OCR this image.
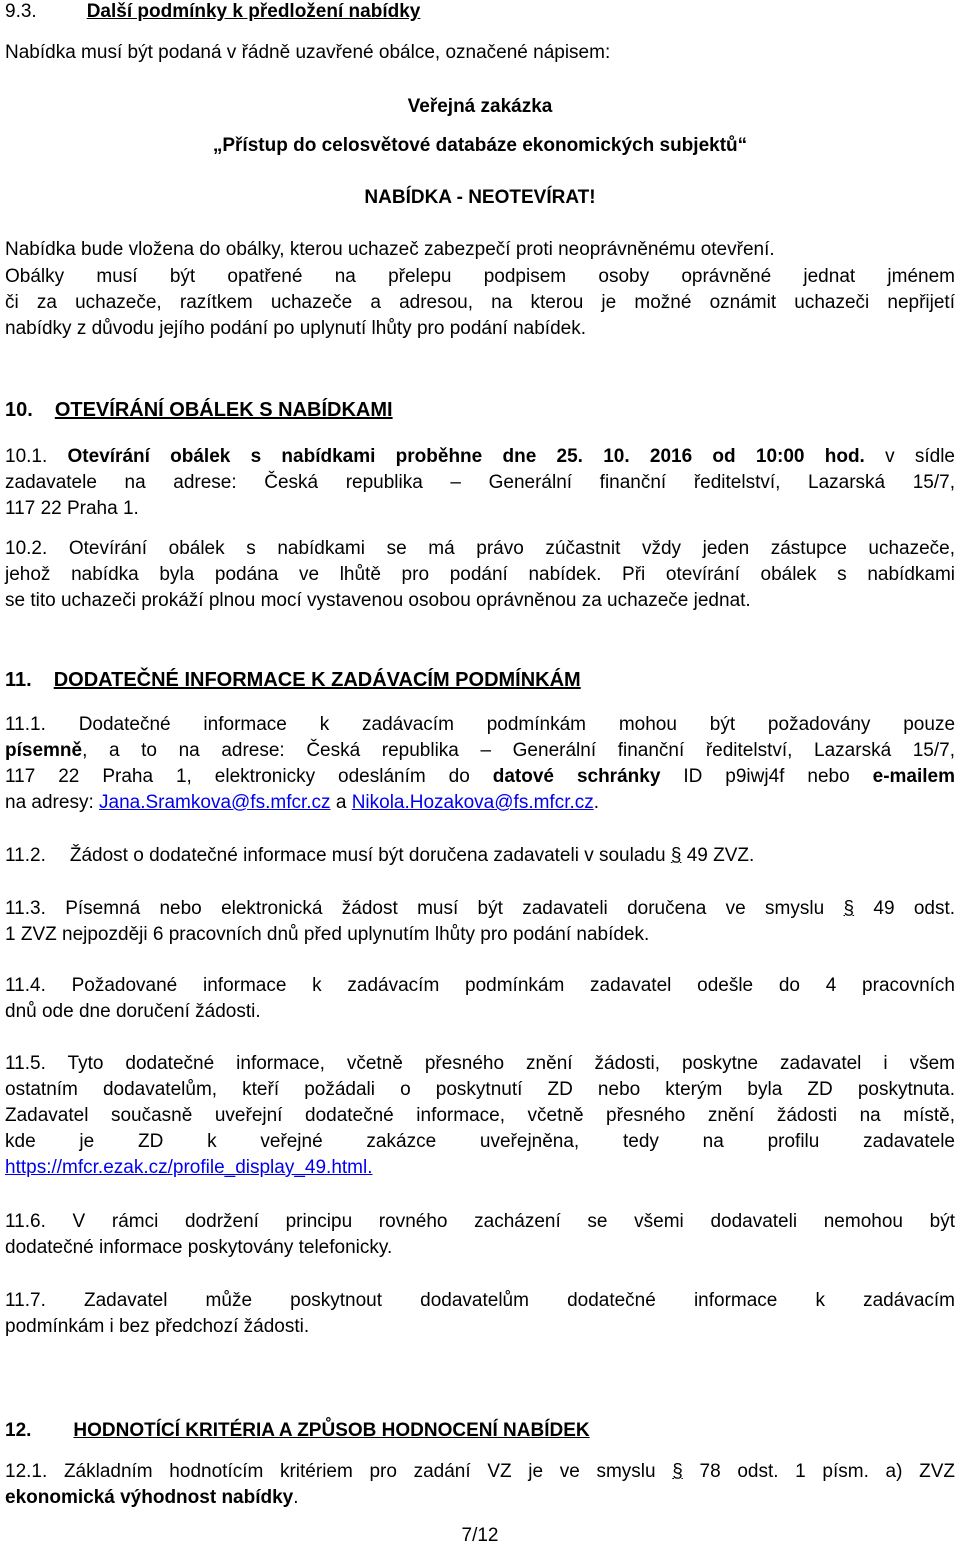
9.3.	Další podmínky k předložení nabídky
Nabídka musí být podaná v řádně uzavřené obálce, označené nápisem:
Veřejná zakázka
„Přístup do celosvětové databáze ekonomických subjektů“
NABÍDKA - NEOTEVÍRAT!
Nabídka bude vložena do obálky, kterou uchazeč zabezpečí proti neoprávněnému otevření.
Obálky musí být opatřené na přelepu podpisem osoby oprávněné jednat jménem
či za uchazeče, razítkem uchazeče a adresou, na kterou je možné oznámit uchazeči nepřijetí
nabídky z důvodu jejího podání po uplynutí lhůty pro podání nabídek.
10. OTEVÍRÁNÍ OBÁLEK S NABÍDKAMI
10.1. Otevírání obálek s nabídkami proběhne dne 25. 10. 2016 od 10:00 hod. v sídle
zadavatele na adrese: Česká republika – Generální finanční ředitelství, Lazarská 15/7,
117 22 Praha 1.
10.2. Otevírání obálek s nabídkami se má právo zúčastnit vždy jeden zástupce uchazeče,
jehož nabídka byla podána ve lhůtě pro podání nabídek. Při otevírání obálek s nabídkami
se tito uchazeči prokáží plnou mocí vystavenou osobou oprávněnou za uchazeče jednat.
11. DODATEČNÉ INFORMACE K ZADÁVACÍM PODMÍNKÁM
11.1. Dodatečné informace k zadávacím podmínkám mohou být požadovány pouze
písemně, a to na adrese: Česká republika – Generální finanční ředitelství, Lazarská 15/7,
117 22 Praha 1, elektronicky odesláním do datové schránky ID p9iwj4f nebo e-mailem
na adresy: Jana.Sramkova@fs.mfcr.cz a Nikola.Hozakova@fs.mfcr.cz.
11.2. Žádost o dodatečné informace musí být doručena zadavateli v souladu § 49 ZVZ.
11.3. Písemná nebo elektronická žádost musí být zadavateli doručena ve smyslu § 49 odst.
1 ZVZ nejpozději 6 pracovních dnů před uplynutím lhůty pro podání nabídek.
11.4. Požadované informace k zadávacím podmínkám zadavatel odešle do 4 pracovních
dnů ode dne doručení žádosti.
11.5. Tyto dodatečné informace, včetně přesného znění žádosti, poskytne zadavatel i všem
ostatním dodavatelům, kteří požádali o poskytnutí ZD nebo kterým byla ZD poskytnuta.
Zadavatel současně uveřejní dodatečné informace, včetně přesného znění žádosti na místě,
kde je ZD k veřejné zakázce uveřejněna, tedy na profilu zadavatele
https://mfcr.ezak.cz/profile_display_49.html.
11.6. V rámci dodržení principu rovného zacházení se všemi dodavateli nemohou být
dodatečné informace poskytovány telefonicky.
11.7. Zadavatel může poskytnout dodavatelům dodatečné informace k zadávacím
podmínkám i bez předchozí žádosti.
12. HODNOTÍCÍ KRITÉRIA A ZPŮSOB HODNOCENÍ NABÍDEK
12.1. Základním hodnotícím kritériem pro zadání VZ je ve smyslu § 78 odst. 1 písm. a) ZVZ
ekonomická výhodnost nabídky.
7/12
